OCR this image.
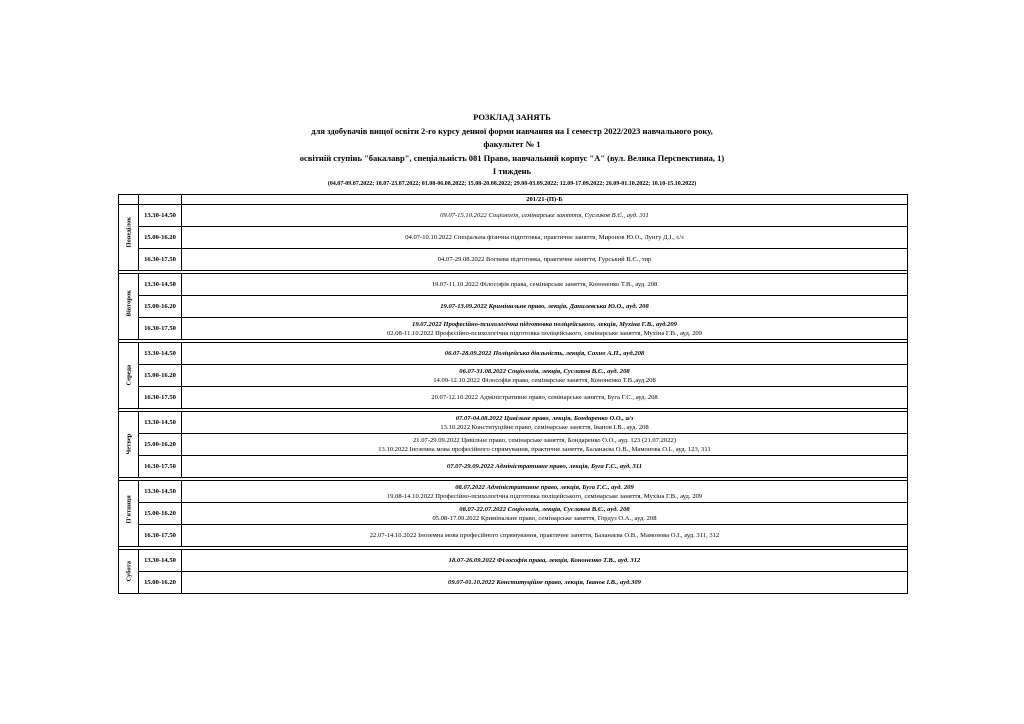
РОЗКЛАД ЗАНЯТЬ
для здобувачів вищої освіти 2-го курсу денної форми навчання на І семестр 2022/2023 навчального року,
факультет № 1
освітній ступінь "бакалавр", спеціальність 081 Право, навчальний корпус "А" (вул. Велика Перспективна, 1)
І тиждень
(04.07-09.07.2022; 18.07-23.07.2022; 01.08-06.08.2022; 15.08-20.08.2022; 29.08-03.09.2022; 12.09-17.09.2022; 26.09-01.10.2022; 10.10-15.10.2022)
		201/21-(П)-Б

Понеділок	13.30-14.50	09.07-15.10.2022 Соціологія, семінарське заняття, Сусликов В.Є., ауд. 311

	15.00-16.20	04.07-10.10.2022 Спеціальна фізична підготовка, практичне заняття, Миронов Ю.О., Лунгу Д.І., с/з

	16.30-17.50	04.07-29.08.2022 Вогнева підготовка, практичне заняття, Гурський В.Є., тир

Вівторок	13.30-14.50	19.07-11.10.2022 Філософія права, семінарське заняття, Кононенко Т.В., ауд. 208

	15.00-16.20	19.07-13.09.2022 Кримінальне право, лекція, Данилевська Ю.О., ауд. 208

	16.30-17.50	19.07.2022 Професійно-психологічна підготовка поліцейського, лекція, Мухіна Г.В., ауд.209
02.08-11.10.2022 Професійно-психологічна підготовка поліцейського, семінарське заняття, Мухіна Г.В., ауд. 209

Середа	13.30-14.50	06.07-28.09.2022 Поліцейська діяльність, лекція, Сахно А.П., ауд.208

	15.00-16.20	06.07-31.08.2022 Соціологія, лекція, Сусликов В.Є., ауд. 208
14.09-12.10.2022 Філософія права, семінарське заняття, Кононенко Т.В.,ауд.208

	16.30-17.50	20.07-12.10.2022 Адміністративне право, семінарське заняття, Буга Г.С., ауд. 208

Четвер	13.30-14.50	07.07-04.08.2022 Цивільне право, лекція, Бондаренко О.О., а/з
13.10.2022 Конституційне право, семінарське заняття, Іванов І.В., ауд. 208

	15.00-16.20	21.07-29.09.2022 Цивільне право, семінарське заняття, Бондаренко О.О., ауд. 123 (21.07.2022)
13.10.2022 Іноземна мова професійного спрямування, практичне заняття, Баланаєва О.В., Мамонова О.І., ауд. 123, 311

	16.30-17.50	07.07-29.09.2022 Адміністративне право, лекція, Буга Г.С., ауд. 311

П'ятниця	13.30-14.50	08.07.2022 Адміністративне право, лекція, Буга Г.С., ауд. 209
19.08-14.10.2022 Професійно-психологічна підготовка поліцейського, семінарське заняття, Мухіна Г.В., ауд. 209

	15.00-16.20	08.07-22.07.2022 Соціологія, лекція, Сусликов В.Є., ауд. 208
05.08-17.09.2022 Кримінальне право, семінарське заняття, Гордуз О.А., ауд. 208

	16.30-17.50	22.07-14.10.2022 Іноземна мова професійного спрямування, практичне заняття, Баланаєва О.В., Мамонова О.І., ауд. 311, 312

Субота	13.30-14.50	18.07-26.09.2022 Філософія права, лекція, Кононенко Т.В., ауд. 312

	15.00-16.20	09.07-01.10.2022 Конституційне право, лекція, Іванов І.В., ауд.309
